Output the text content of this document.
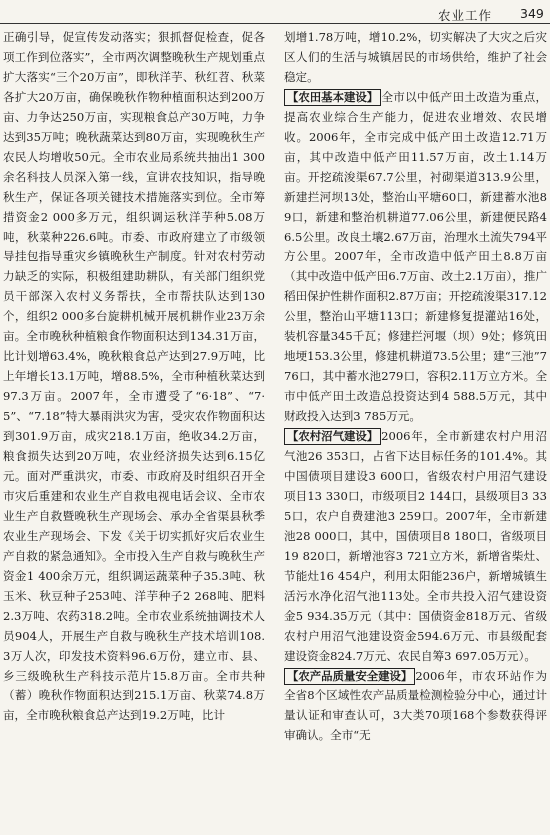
农业工作 349

正确引导，促宣传发动落实；狠抓督促检查，促各项工作到位落实”，全市两次调整晚秋生产规划重点扩大落实“三个20万亩”，即秋洋芋、秋红苕、秋菜各扩大20万亩，确保晚秋作物种植面积达到200万亩、力争达250万亩，实现粮食总产30万吨，力争达到35万吨；晚秋蔬菜达到80万亩，实现晚秋生产农民人均增收50元。全市农业局系统共抽出1 300余名科技人员深入第一线，宣讲农技知识，指导晚秋生产，保证各项关键技术措施落实到位。全市筹措资金2 000多万元，组织调运秋洋芋种5.08万吨，秋菜种226.6吨。市委、市政府建立了市级领导挂包指导重灾乡镇晚秋生产制度。针对农村劳动力缺乏的实际，积极组建助耕队，有关部门组织党员干部深入农村义务帮扶，全市帮扶队达到130个，组织2 000多台旋耕机械开展机耕作业23万余亩。全市晚秋种植粮食作物面积达到134.31万亩，比计划增63.4%，晚秋粮食总产达到27.9万吨，比上年增长13.1万吨，增88.5%，全市种植秋菜达到97.3万亩。2007年，全市遭受了“6·18”、“7·5”、“7.18”特大暴雨洪灾为害，受灾农作物面积达到301.9万亩，成灾218.1万亩，绝收34.2万亩，粮食损失达到20万吨，农业经济损失达到6.15亿元。面对严重洪灾，市委、市政府及时组织召开全市灾后重建和农业生产自救电视电话会议、全市农业生产自救暨晚秋生产现场会、承办全省渠县秋季农业生产现场会、下发《关于切实抓好灾后农业生产自救的紧急通知》。全市投入生产自救与晚秋生产资金1 400余万元，组织调运蔬菜种子35.3吨、秋玉米、秋豆种子253吨、洋芋种子2 268吨、肥料2.3万吨、农药318.2吨。全市农业系统抽调技术人员904人，开展生产自救与晚秋生产技术培训108.3万人次，印发技术资料96.6万份，建立市、县、乡三级晚秋生产科技示范片15.8万亩。全市共种（蓄）晚秋作物面积达到215.1万亩、秋菜74.8万亩，全市晚秋粮食总产达到19.2万吨，比计

划增1.78万吨，增10.2%，切实解决了大灾之后灾区人们的生活与城镇居民的市场供给，维护了社会稳定。

【农田基本建设】 全市以中低产田土改造为重点，提高农业综合生产能力，促进农业增效、农民增收。2006年，全市完成中低产田土改造12.71万亩，其中改造中低产田11.57万亩，改土1.14万亩。开挖疏浚渠67.7公里，衬砌渠道313.9公里，新建拦河坝13处，整治山平塘60口，新建蓄水池89口，新建和整治机耕道77.06公里，新建便民路46.5公里。改良土壤2.67万亩，治理水土流失794平方公里。2007年，全市改造中低产田土8.8万亩（其中改造中低产田6.7万亩、改土2.1万亩），推广稻田保护性耕作面积2.87万亩；开挖疏浚渠317.12公里，整治山平塘113口；新建修复提灌站16处，装机容量345千瓦；修建拦河堰（坝）9处；修筑田地埂153.3公里，修建机耕道73.5公里；建“三池”776口，其中蓄水池279口，容积2.11万立方米。全市中低产田土改造总投资达到4 588.5万元，其中财政投入达到3 785万元。

【农村沼气建设】 2006年，全市新建农村户用沼气池26 353口，占省下达目标任务的101.4%。其中国债项目建设3 600口，省级农村户用沼气建设项目13 330口，市级项目2 144口，县级项目3 335口，农户自费建池3 259口。2007年，全市新建池28 000口，其中，国债项目8 180口，省级项目19 820口，新增池容3 721立方米，新增省柴灶、节能灶16 454户，利用太阳能236户，新增城镇生活污水净化沼气池113处。全市共投入沼气建设资金5 934.35万元（其中：国债资金818万元、省级农村户用沼气池建设资金594.6万元、市县级配套建设资金824.7万元、农民自筹3 697.05万元）。

【农产品质量安全建设】 2006年，市农环站作为全省8个区域性农产品质量检测检验分中心，通过计量认证和审查认可，3大类70项168个参数获得评审确认。全市“无
